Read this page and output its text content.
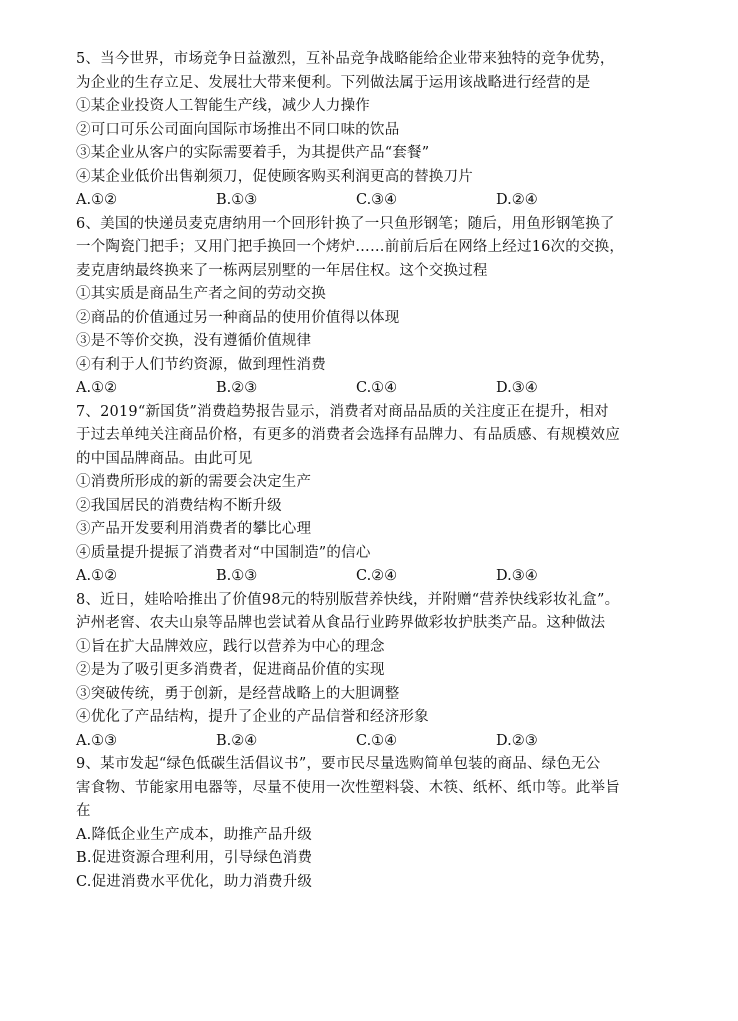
5、当今世界，市场竞争日益激烈，互补品竞争战略能给企业带来独特的竞争优势，
为企业的生存立足、发展壮大带来便利。下列做法属于运用该战略进行经营的是
①某企业投资人工智能生产线，减少人力操作
②可口可乐公司面向国际市场推出不同口味的饮品
③某企业从客户的实际需要着手，为其提供产品“套餐”
④某企业低价出售剃须刀，促使顾客购买利润更高的替换刀片
A.①②	B.①③	C.③④	D.②④
6、美国的快递员麦克唐纳用一个回形针换了一只鱼形钢笔；随后，用鱼形钢笔换了
一个陶瓷门把手；又用门把手换回一个烤炉……前前后后在网络上经过16次的交换，
麦克唐纳最终换来了一栋两层别墅的一年居住权。这个交换过程
①其实质是商品生产者之间的劳动交换
②商品的价值通过另一种商品的使用价值得以体现
③是不等价交换，没有遵循价值规律
④有利于人们节约资源，做到理性消费
A.①②	B.②③	C.①④	D.③④
7、2019“新国货”消费趋势报告显示，消费者对商品品质的关注度正在提升，相对
于过去单纯关注商品价格，有更多的消费者会选择有品牌力、有品质感、有规模效应
的中国品牌商品。由此可见
①消费所形成的新的需要会决定生产
②我国居民的消费结构不断升级
③产品开发要利用消费者的攀比心理
④质量提升提振了消费者对“中国制造”的信心
A.①②	B.①③	C.②④	D.③④
8、近日，娃哈哈推出了价值98元的特别版营养快线，并附赠“营养快线彩妆礼盒”。
泸州老窖、农夫山泉等品牌也尝试着从食品行业跨界做彩妆护肤类产品。这种做法
①旨在扩大品牌效应，践行以营养为中心的理念
②是为了吸引更多消费者，促进商品价值的实现
③突破传统，勇于创新，是经营战略上的大胆调整
④优化了产品结构，提升了企业的产品信誉和经济形象
A.①③	B.②④	C.①④	D.②③
9、某市发起“绿色低碳生活倡议书”，要市民尽量选购简单包装的商品、绿色无公
害食物、节能家用电器等，尽量不使用一次性塑料袋、木筷、纸杯、纸巾等。此举旨
在
A.降低企业生产成本，助推产品升级
B.促进资源合理利用，引导绿色消费
C.促进消费水平优化，助力消费升级
